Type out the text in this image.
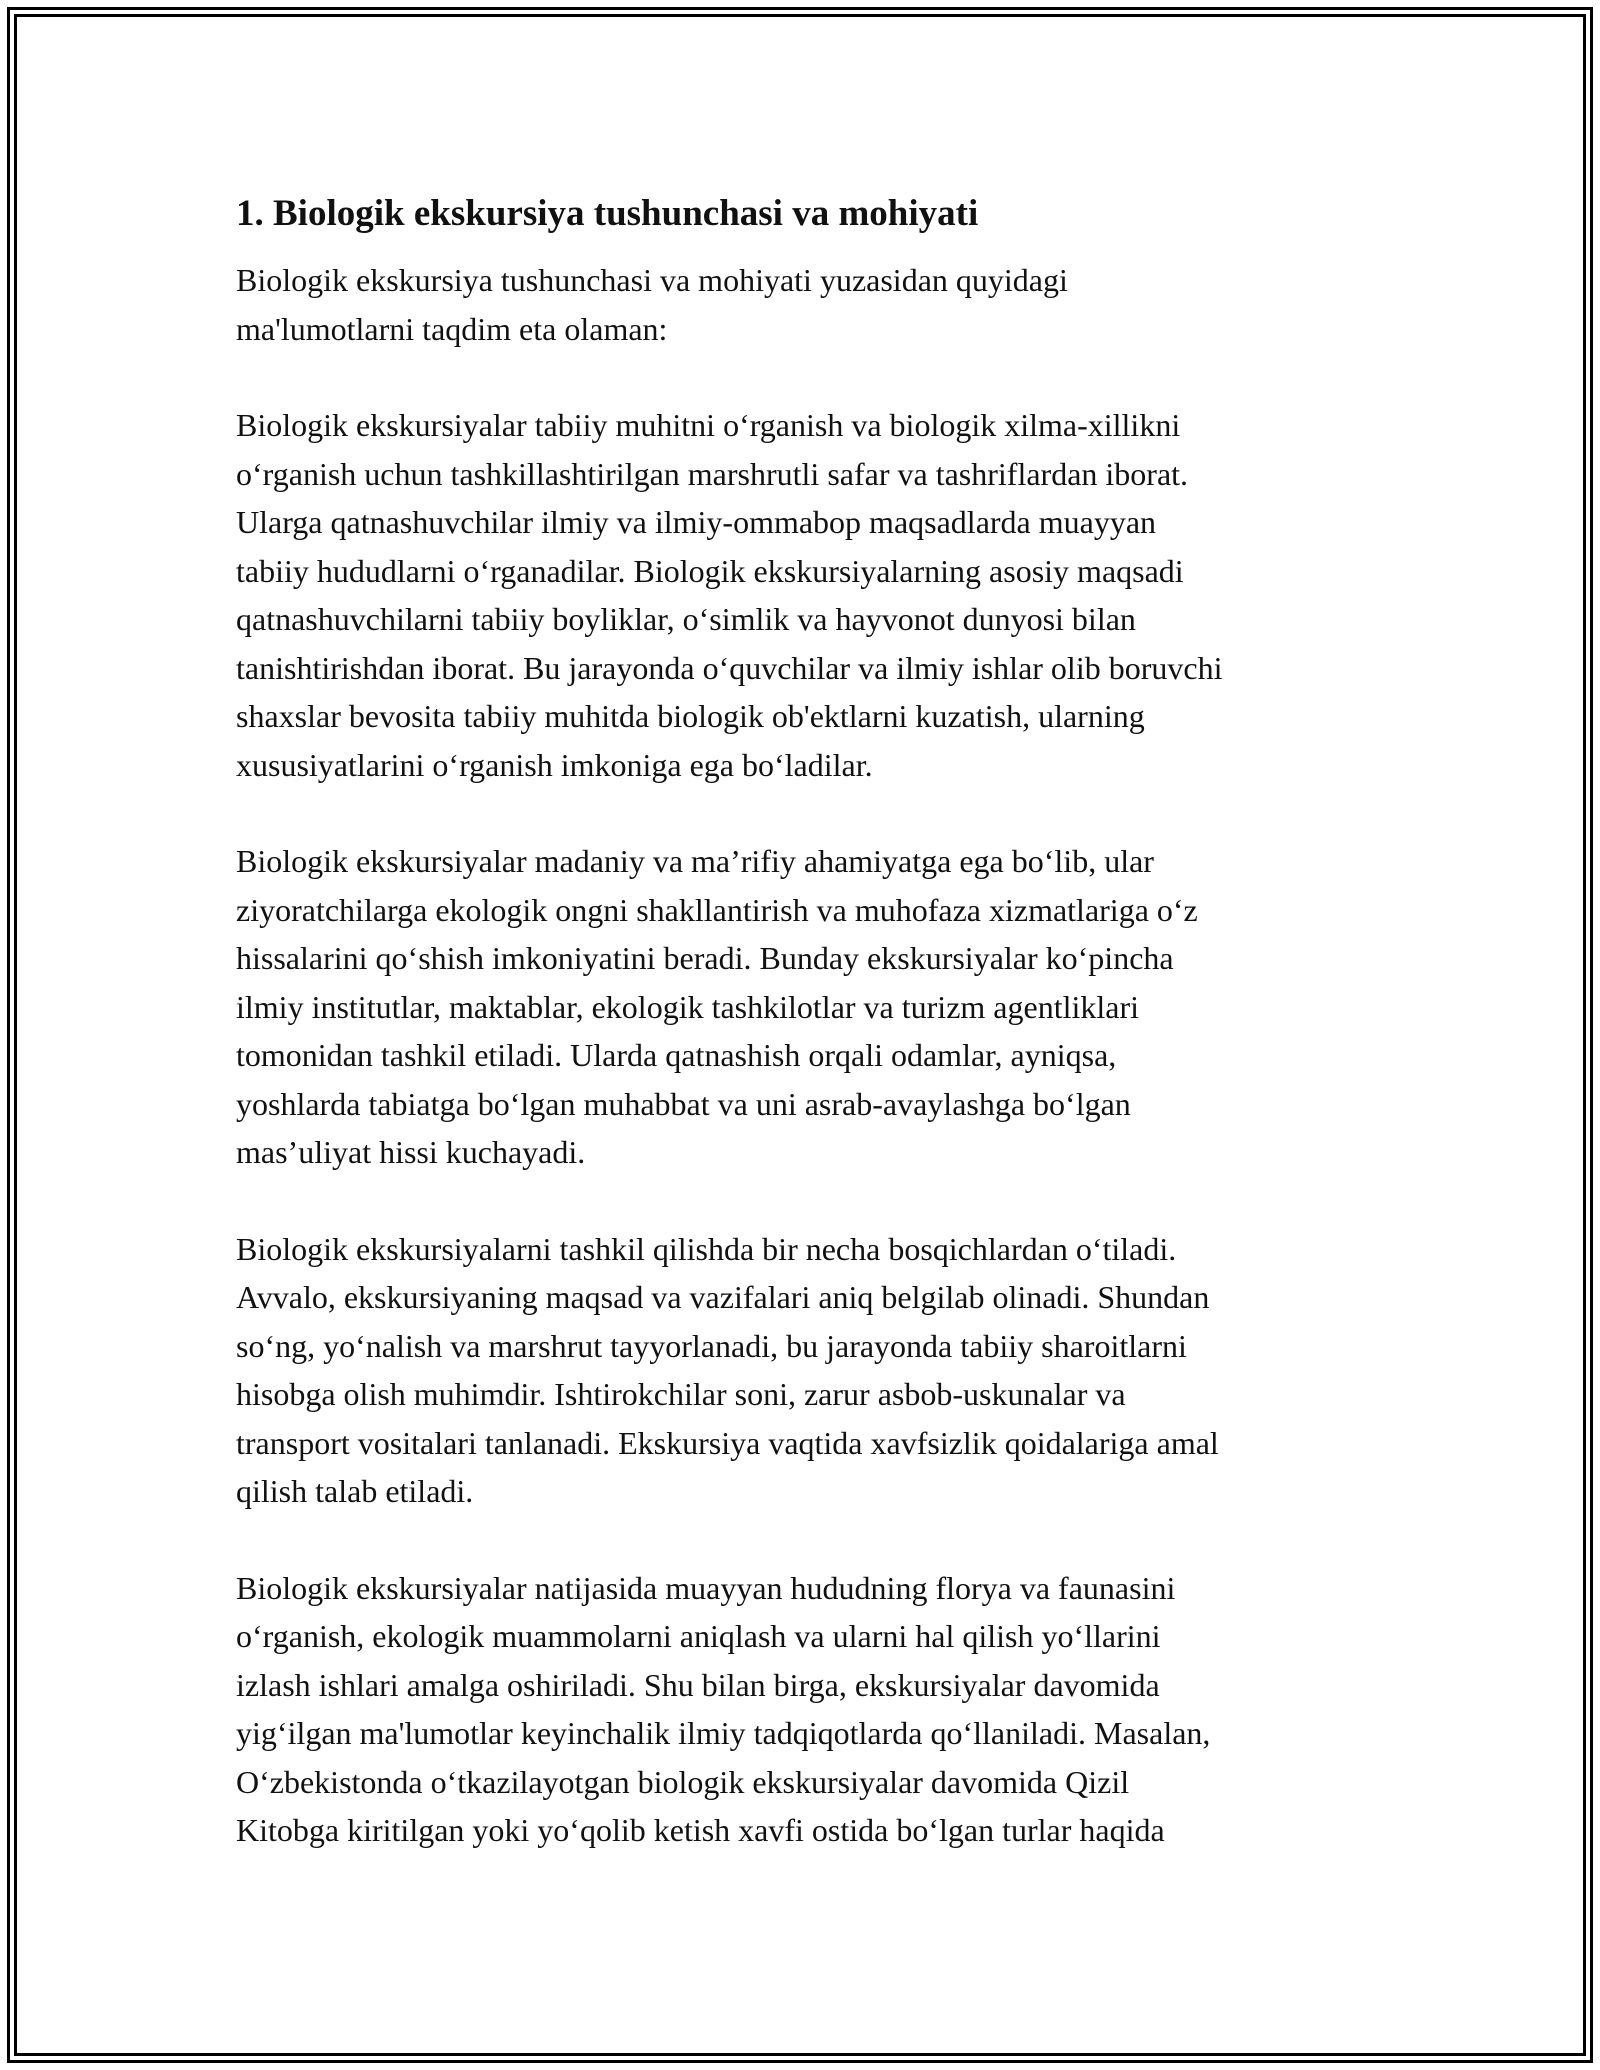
1. Biologik ekskursiya tushunchasi va mohiyati

Biologik ekskursiya tushunchasi va mohiyati yuzasidan quyidagi
ma'lumotlarni taqdim eta olaman:

Biologik ekskursiyalar tabiiy muhitni o‘rganish va biologik xilma-xillikni
o‘rganish uchun tashkillashtirilgan marshrutli safar va tashriflardan iborat.
Ularga qatnashuvchilar ilmiy va ilmiy-ommabop maqsadlarda muayyan
tabiiy hududlarni o‘rganadilar. Biologik ekskursiyalarning asosiy maqsadi
qatnashuvchilarni tabiiy boyliklar, o‘simlik va hayvonot dunyosi bilan
tanishtirishdan iborat. Bu jarayonda o‘quvchilar va ilmiy ishlar olib boruvchi
shaxslar bevosita tabiiy muhitda biologik ob'ektlarni kuzatish, ularning
xususiyatlarini o‘rganish imkoniga ega bo‘ladilar.

Biologik ekskursiyalar madaniy va ma’rifiy ahamiyatga ega bo‘lib, ular
ziyoratchilarga ekologik ongni shakllantirish va muhofaza xizmatlariga o‘z
hissalarini qo‘shish imkoniyatini beradi. Bunday ekskursiyalar ko‘pincha
ilmiy institutlar, maktablar, ekologik tashkilotlar va turizm agentliklari
tomonidan tashkil etiladi. Ularda qatnashish orqali odamlar, ayniqsa,
yoshlarda tabiatga bo‘lgan muhabbat va uni asrab-avaylashga bo‘lgan
mas’uliyat hissi kuchayadi.

Biologik ekskursiyalarni tashkil qilishda bir necha bosqichlardan o‘tiladi.
Avvalo, ekskursiyaning maqsad va vazifalari aniq belgilab olinadi. Shundan
so‘ng, yo‘nalish va marshrut tayyorlanadi, bu jarayonda tabiiy sharoitlarni
hisobga olish muhimdir. Ishtirokchilar soni, zarur asbob-uskunalar va
transport vositalari tanlanadi. Ekskursiya vaqtida xavfsizlik qoidalariga amal
qilish talab etiladi.

Biologik ekskursiyalar natijasida muayyan hududning florya va faunasini
o‘rganish, ekologik muammolarni aniqlash va ularni hal qilish yo‘llarini
izlash ishlari amalga oshiriladi. Shu bilan birga, ekskursiyalar davomida
yig‘ilgan ma'lumotlar keyinchalik ilmiy tadqiqotlarda qo‘llaniladi. Masalan,
O‘zbekistonda o‘tkazilayotgan biologik ekskursiyalar davomida Qizil
Kitobga kiritilgan yoki yo‘qolib ketish xavfi ostida bo‘lgan turlar haqida
